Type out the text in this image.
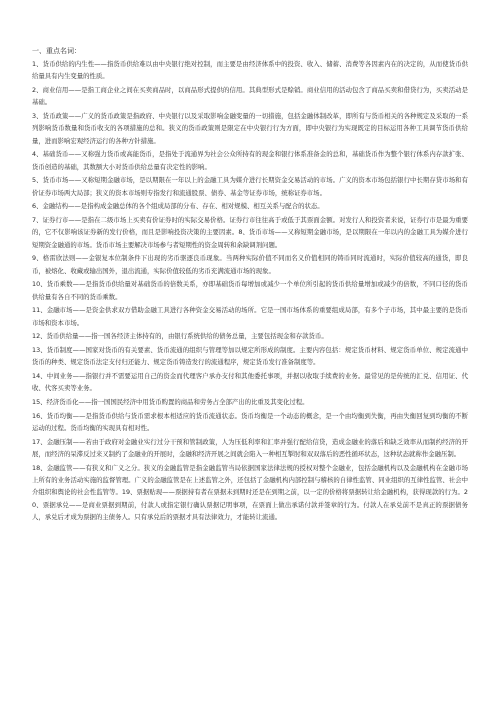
一、重点名词：

1、货币供给的内生性——指货币供给难以由中央银行绝对控制，而主要是由经济体系中的投资、收入、储蓄、消费等各因素内在的决定的，从而使货币供给量具有内生变量的性质。

2、商业信用——是指工商企业之间在买卖商品时，以商品形式提供的信用。其典型形式是赊销。商业信用的活动包含了商品买卖和借贷行为，买卖活动是基础。

3、货币政策——广义的货币政策是指政府、中央银行以及采取影响金融变量的一切措施，包括金融体制改革，即所有与货币相关的各种规定及采取的一系列影响货币数量和货币收支的各项措施的总和。狭义的货币政策则是限定在中央银行行为方面，即中央银行为实现既定的目标运用各种工具调节货币供给量，进而影响宏观经济运行的各种方针措施。

4、基础货币——又称强力货币或高能货币，是指处于流通界为社会公众所持有的现金和银行体系准备金的总和，基础货币作为整个银行体系内存款扩张、货币创造的基础，其数额大小对货币供给总量有决定性的影响。

5、货币市场——又称短期金融市场，是以期限在一年以上的金融工具为媒介进行长期资金交易活动的市场。广义的资本市场包括银行中长期存贷市场和有价证券市场两大局部；狭义的资本市场则专指发行和流通股票、债券、基金等证券市场，统称证券市场。

6、金融结构——是指构成金融总体的各个组成局部的分布、存在、相对规模、相互关系与配合的状态。

7、证券行市——是指在二级市场上买卖有价证券时的实际交易价格。证券行市往往高于或低于其票面金额。对发行人和投资者来说，证券行市是最为重要的，它不仅影响该证券新的发行价格，而且是影响投资决策的主要因素。8、货币市场——又称短期金融市场，是以期限在一年以内的金融工具为媒介进行短期资金融通的市场。货币市场主要解决市场参与者短期性的资金周转和余缺调剂问题。

9、格雷欣法则——金银复本位制条件下出现的劣币驱逐良币现象。当两种实际价值不同而名义价值相同的铸币同时流通时，实际价值较高的通货，即良币，被熔化、收藏或输出国外，退出流通，实际价值较低的劣币充满流通市场的现象。

10、货币乘数——是指货币供给量对基础货币的倍数关系，亦即基础货币每增加或减少一个单位所引起的货币供给量增加或减少的倍数，不同口径的货币供给量有各自不同的货币乘数。

11、金融市场——是资金供求双方借助金融工具进行各种资金交易活动的场所。它是一国市场体系的重要组成局部，有多个子市场，其中最主要的是货币市场和资本市场。

12、货币供给量——指一国各经济主体持有的，由银行系统供给的债务总量，主要包括现金和存款货币。

13、货币制度——国家对货币的有关要素、货币流通的组织与管理等加以规定所形成的制度。主要内容包括：规定货币材料、规定货币单位、规定流通中货币的种类、规定货币法定支付归还能力、规定货币铸造发行的流通程序，规定货币发行准备制度等。

14、中间业务——指银行并不需要运用自己的资金而代理客户承办支付和其他委托事项，并据以收取手续费的业务。最常见的是传统的汇兑、信用证、代收、代客买卖等业务。

15、经济货币化——指一国国民经济中用货币购置的商品和劳务占全部产出的比重及其变化过程。

16、货币均衡——是指货币供给与货币需求根本相适应的货币流通状态。货币均衡是一个动态的概念，是一个由均衡到失衡，再由失衡回复到均衡的不断运动的过程。货币均衡的实现具有相对性。

17、金融压制——若由于政府对金融业实行过分干预和管制政策，人为压低利率和汇率并强行配给信贷，造成金融业的落后和缺乏效率从而制约经济的开展，而经济的呆滞反过来又制约了金融业的开展时，金融和经济开展之间就会陷入一种相互掣肘和双双落后的恶性循环状态，这种状态就称作金融压制。

18、金融监管——有狭义和广义之分。狭义的金融监管是指金融监管当局依据国家法律法规的授权对整个金融业，包括金融机构以及金融机构在金融市场上所有的业务活动实施的监督管理。广义的金融监管是在上述监管之外，还包括了金融机构内部控制与稽核的自律性监管、同业组织的互律性监管、社会中介组织和舆论的社会性监管等。19、票据贴现——票据持有者在票据未到期时还是在到期之前，以一定的价格将票据转让给金融机构，获得现款的行为。20、票据承兑——是商业票据到期前，付款人或指定银行确认票据记明事项，在票面上做出承诺付款并签章的行为。付款人在承兑前不是真正的票据债务人，承兑后才成为票据的主债务人。只有承兑后的票据才具有法律效力，才能转让流通。
